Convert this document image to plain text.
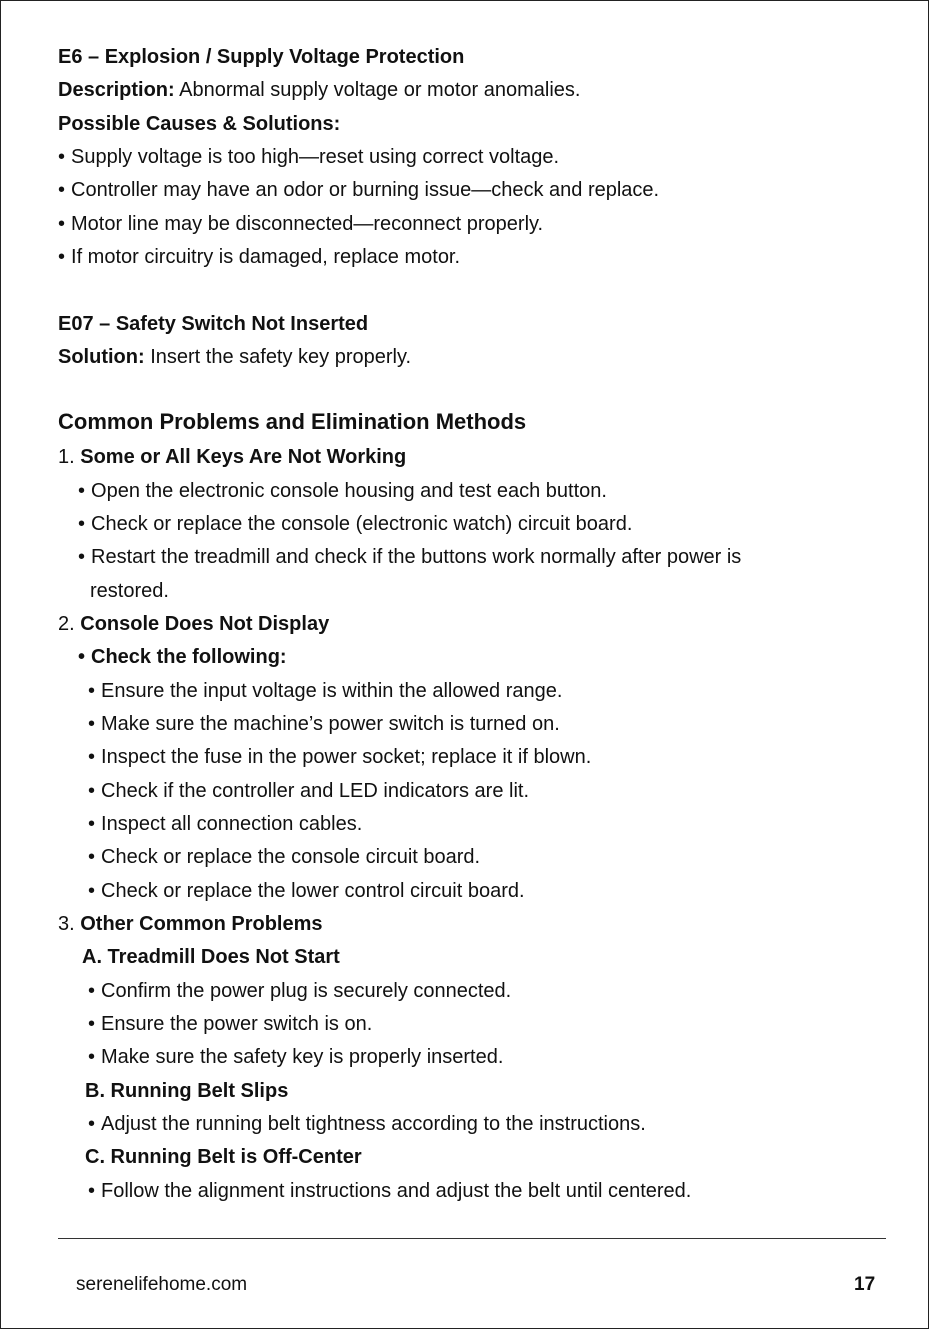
E6 – Explosion / Supply Voltage Protection
Description: Abnormal supply voltage or motor anomalies.
Possible Causes & Solutions:
• Supply voltage is too high—reset using correct voltage.
• Controller may have an odor or burning issue—check and replace.
• Motor line may be disconnected—reconnect properly.
• If motor circuitry is damaged, replace motor.
E07 – Safety Switch Not Inserted
Solution: Insert the safety key properly.
Common Problems and Elimination Methods
1. Some or All Keys Are Not Working
• Open the electronic console housing and test each button.
• Check or replace the console (electronic watch) circuit board.
• Restart the treadmill and check if the buttons work normally after power is
restored.
2. Console Does Not Display
• Check the following:
• Ensure the input voltage is within the allowed range.
• Make sure the machine’s power switch is turned on.
• Inspect the fuse in the power socket; replace it if blown.
• Check if the controller and LED indicators are lit.
• Inspect all connection cables.
• Check or replace the console circuit board.
• Check or replace the lower control circuit board.
3. Other Common Problems
A. Treadmill Does Not Start
• Confirm the power plug is securely connected.
• Ensure the power switch is on.
• Make sure the safety key is properly inserted.
B. Running Belt Slips
• Adjust the running belt tightness according to the instructions.
C. Running Belt is Off-Center
• Follow the alignment instructions and adjust the belt until centered.
serenelifehome.com	17
